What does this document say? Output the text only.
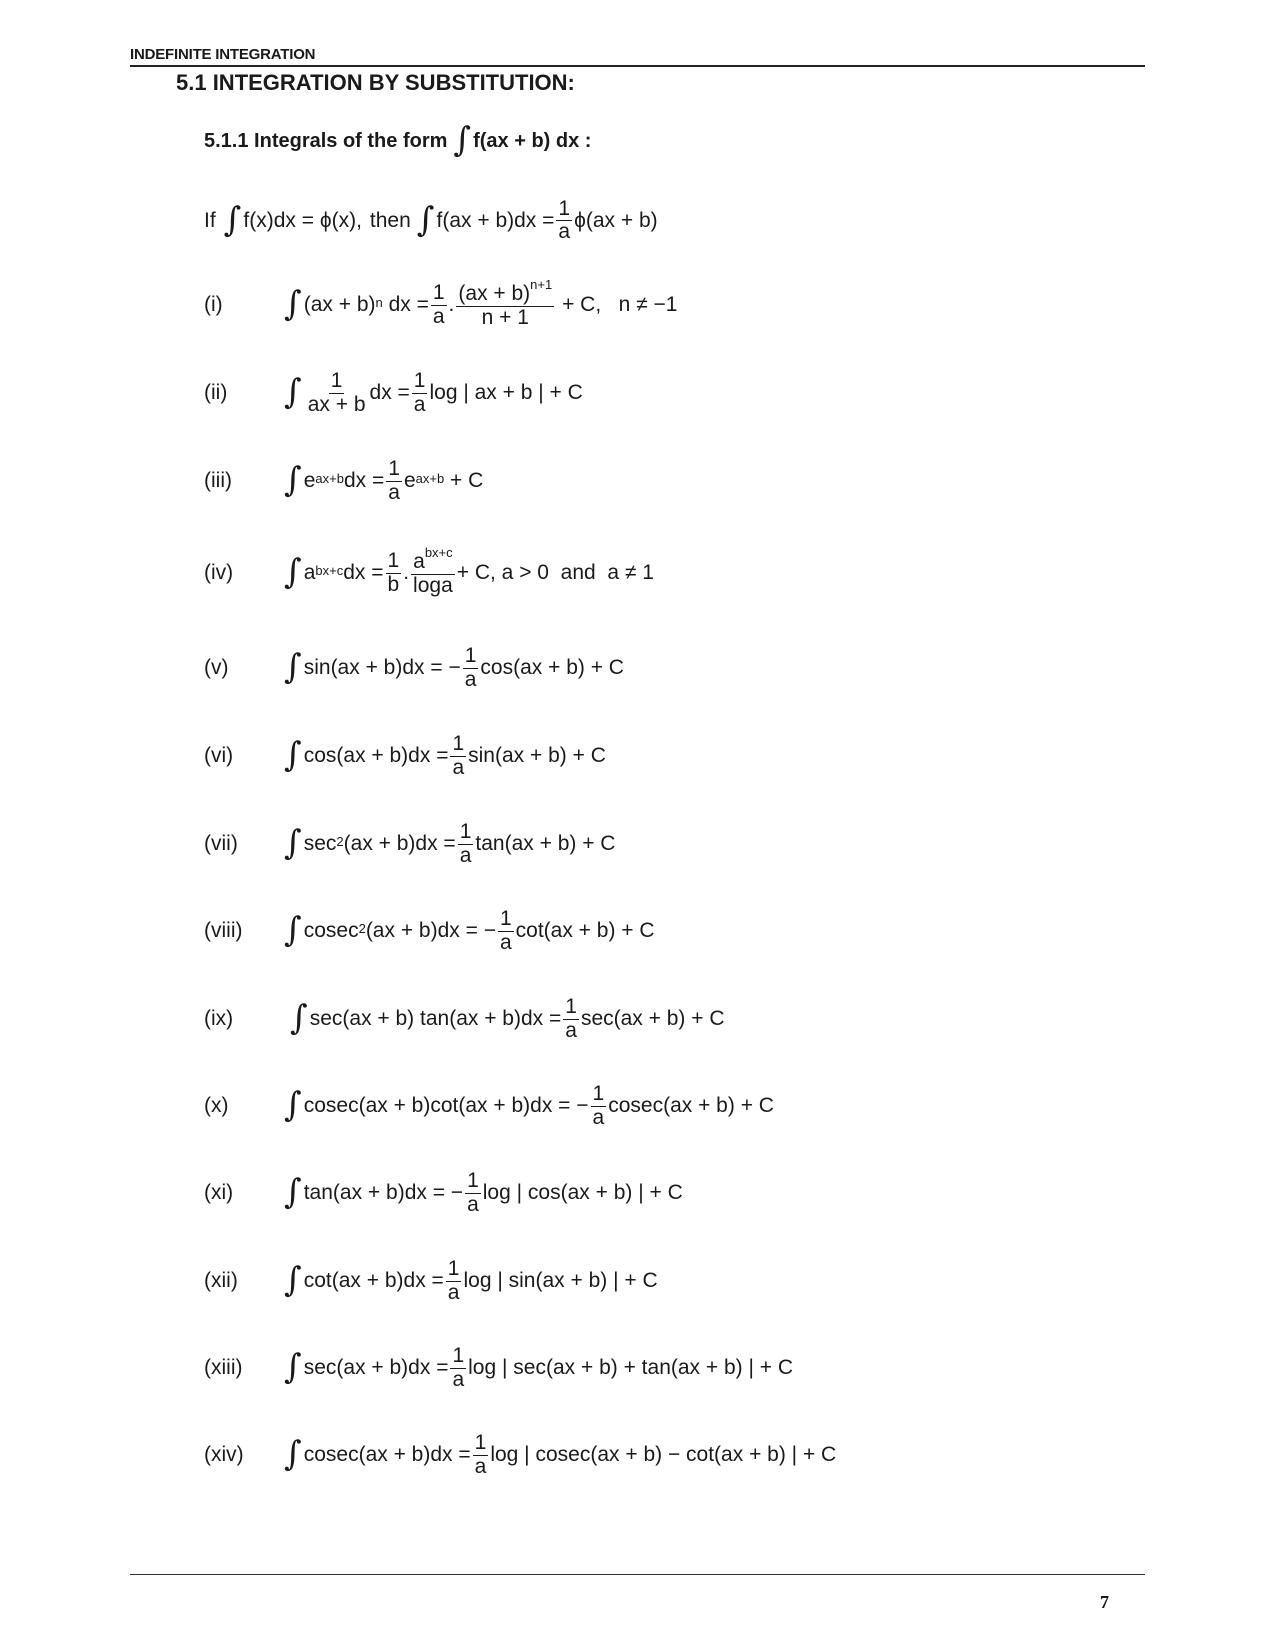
INDEFINITE INTEGRATION
5.1 INTEGRATION BY SUBSTITUTION:
5.1.1 Integrals of the form ∫ f(ax + b) dx :
If ∫ f(x)dx = ϕ(x), then ∫ $f(ax + b)dx = \frac{1}{a} \phi(ax + b)$
(i)	∫ (ax + b)$^n$ dx = $\frac{1}{a}$ . $\frac{(ax + b)^{n+1}}{n + 1} + C$,   n ≠ −1
(ii)	∫ $\frac{1}{ax + b}$ dx = $\frac{1}{a}$ log | ax + b | + C
(iii)	∫ $e^{ax+b}$ dx = $\frac{1}{a} e^{ax+b} + C$
(iv)	∫ $a^{bx+c}$ dx = $\frac{1}{b}$ . $\frac{a^{bx+c}}{\log a} + C$, a > 0  and  a ≠ 1
(v)	∫ sin(ax + b)dx = − $\frac{1}{a} \cos(ax + b) + C$
(vi)	∫ $\cos(ax + b)dx = \frac{1}{a} \sin(ax + b) + C$
(vii)	∫ $\sec^2 (ax + b)dx = \frac{1}{a} \tan(ax + b) + C$
(viii)	∫ cosec$^2$ (ax + b)dx = − $\frac{1}{a} \cot(ax + b) + C$
(ix)	∫ sec(ax + b) $\tan(ax + b)dx = \frac{1}{a} \sec(ax + b) + C$
(x)	∫ cosec(ax + b)cot(ax + b)dx = − $\frac{1}{a} cosec(ax + b) + C$
(xi)	∫ tan(ax + b)dx = − $\frac{1}{a}$ log | cos(ax + b) | + C
(xii)	∫ $\cot(ax + b)dx = \frac{1}{a}$ log | sin(ax + b) | + C
(xiii)	∫ $\sec(ax + b)dx = \frac{1}{a}$ log | sec(ax + b) + tan(ax + b) | + C
(xiv)	∫ $cosec(ax + b)dx = \frac{1}{a}$ log | cosec(ax + b) − cot(ax + b) | + C
7
